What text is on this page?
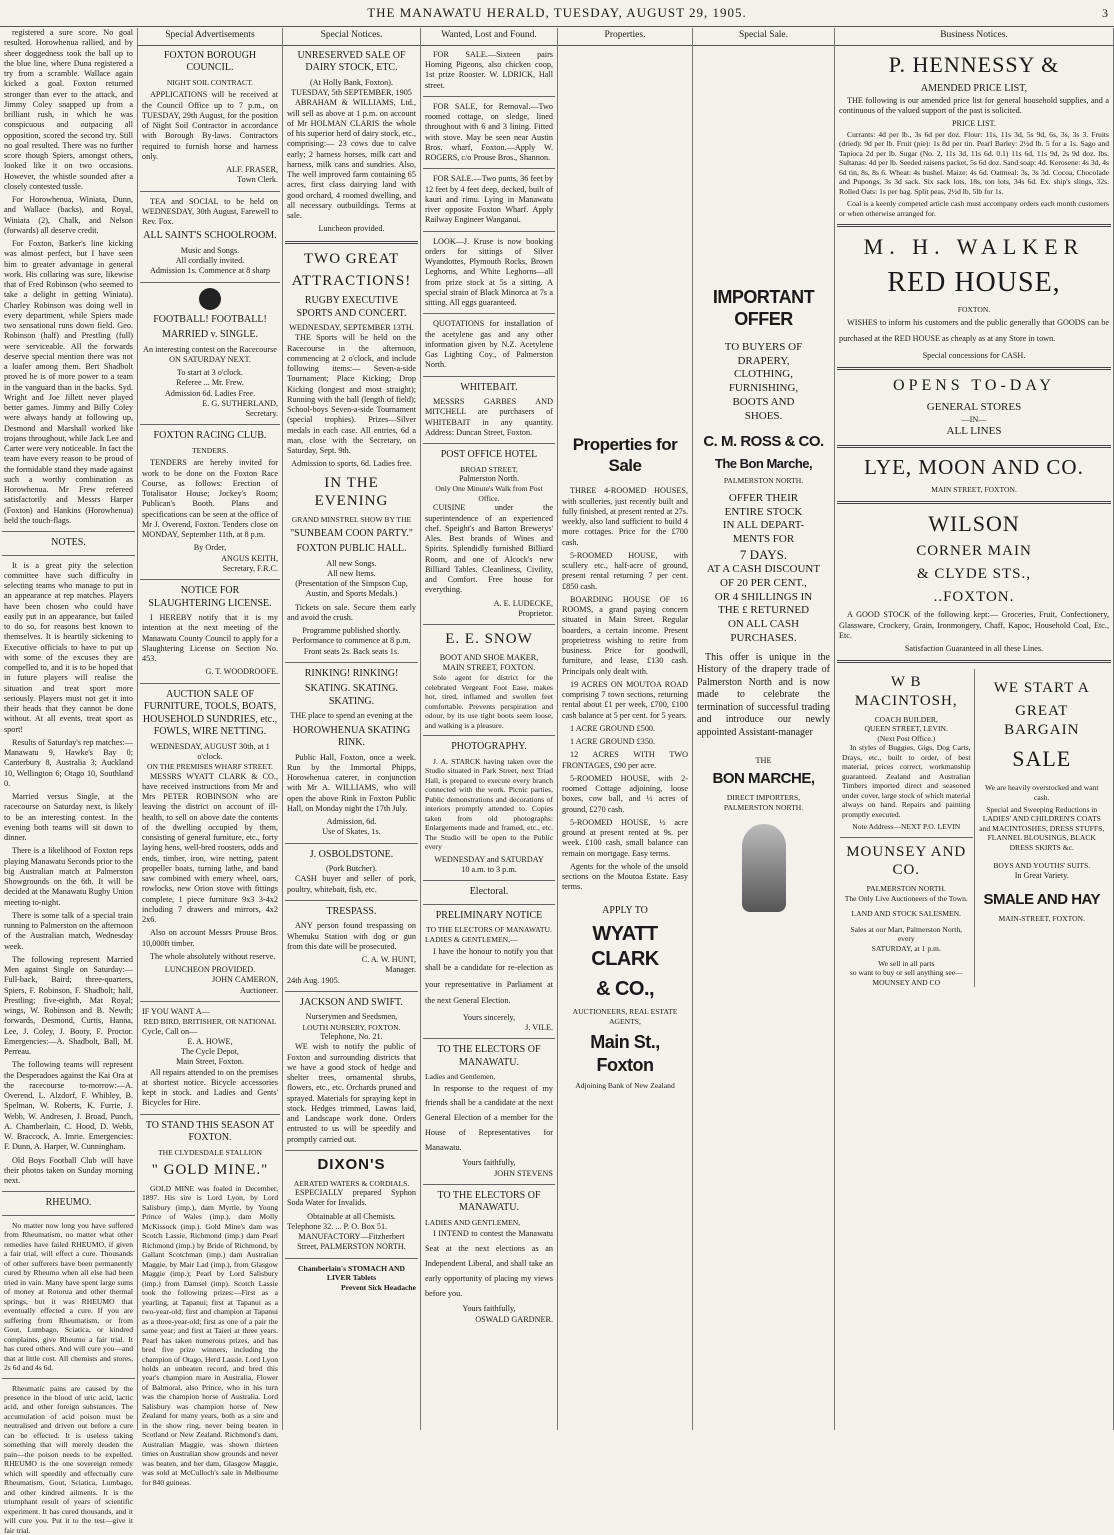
THE MANAWATU HERALD, TUESDAY, AUGUST 29, 1905.	3

registered a sure score. No goal resulted. Horowhenua rallied, and by sheer doggedness took the ball up to the blue line, where Duna registered a try from a scramble. Wallace again kicked a goal. Foxton returned stronger than ever to the attack, and Jimmy Coley snapped up from a brilliant rush, in which he was conspicuous and outpacing all opposition, scored the second try. Still no goal resulted. There was no further score though Spiers, amongst others, looked like it on two occasions. However, the whistle sounded after a closely contested tussle.

For Horowhenua, Winiata, Dunn, and Wallace (backs), and Royal, Winiata (2), Chalk, and Nelson (forwards) all deserve credit.

For Foxton, Barker's line kicking was almost perfect, but I have seen him to greater advantage in general work. His collaring was sure, likewise that of Fred Robinson (who seemed to take a delight in getting Winiata). Charley Robinson was doing well in every department, while Spiers made two sensational runs down field. Geo. Robinson (half) and Prestling (full) were serviceable. All the forwards deserve special mention there was not a loafer among them. Bert Shadbolt proved he is of more power to a team in the vanguard than in the backs. Syd. Wright and Joe Jillett never played better games. Jimmy and Billy Coley were always handy at following up, Desmond and Marshall worked like trojans throughout, while Jack Lee and Carter were very noticeable. In fact the team have every reason to be proud of the formidable stand they made against such a worthy combination as Horowhenua. Mr Frew refereed satisfactorily and Messrs Harper (Foxton) and Hankins (Horowhenua) held the touch-flags.

NOTES.

It is a great pity the selection committee have such difficulty in selecting teams who manage to put in an appearance at rep matches. Players have been chosen who could have easily put in an appearance, but failed to do so, for reasons best known to themselves. It is heartily sickening to Executive officials to have to put up with some of the excuses they are compelled to, and it is to be hoped that in future players will realise the situation and treat sport more seriously. Players must not get it into their heads that they cannot be done without. At all events, treat sport as sport!

Results of Saturday's rep matches:—Manawatu 9, Hawke's Bay 0; Canterbury 8, Australia 3; Auckland 10, Wellington 6; Otago 10, Southland 0.

Married versus Single, at the racecourse on Saturday next, is likely to be an interesting contest. In the evening both teams will sit down to dinner.

There is a likelihood of Foxton reps playing Manawatu Seconds prior to the big Australian match at Palmerston Showgrounds on the 6th. It will be decided at the Manawatu Rugby Union meeting to-night.

There is some talk of a special train running to Palmerston on the afternoon of the Australian match, Wednesday week.

The following represent Married Men against Single on Saturday:—Full-back, Baird; three-quarters, Spiers, F. Robinson, F. Shadbolt; half, Prestling; five-eighth, Mat Royal; wings, W. Robinson and B. Newth; forwards, Desmond, Curtis, Hanna, Lee, J. Coley, J. Booty, F. Proctor. Emergencies:—A. Shadbolt, Ball, M. Perreau.

The following teams will represent the Desperadoes against the Kai Ora at the racecourse to-morrow:—A. Overend, L. Alzdorf, F. Whibley, B. Spelman, W. Roberts, K. Furrie, J. Webb, W. Andresen, J. Broad, Punch, A. Chamberlain, C. Hood, D. Webb, W. Braccock, A. Imrie. Emergencies: F. Dunn, A. Harper, W. Cunningham.

Old Boys Football Club will have their photos taken on Sunday morning next.

RHEUMO.

No matter now long you have suffered from Rheumatism, no matter what other remedies have failed RHEUMO, if given a fair trial, will effect a cure. Thousands of other sufferers have been permanently cured by Rheumo when all else had been tried in vain. Many have spent large sums of money at Rotorua and other thermal springs, but it was RHEUMO that eventually effected a cure. If you are suffering from Rheumatism, or from Gout, Lumbago, Sciatica, or kindred complaints, give Rheumo a fair trial. It has cured others. And will cure you—and that at little cost. All chemists and stores, 2s 6d and 4s 6d.

Rheumatic pains are caused by the presence in the blood of uric acid, lactic acid, and other foreign substances. The accumulation of acid poison must be neutralised and driven out before a cure can be effected. It is useless taking something that will merely deaden the pain—the poison needs to be expelled. RHEUMO is the one sovereign remedy which will speedily and effectually cure Rheumatism, Gout, Sciatica, Lumbago, and other kindred ailments. It is the triumphant result of years of scientific experiment. It has cured thousands, and it will cure you. Put it to the test—give it fair trial.

Special Advertisements
FOXTON BOROUGH COUNCIL.
NIGHT SOIL CONTRACT.

APPLICATIONS will be received at the Council Office up to 7 p.m., on TUESDAY, 29th August, for the position of Night Soil Contractor in accordance with Borough By-laws. Contractors required to furnish horse and harness only.

ALF. FRASER,
Town Clerk.

TEA and SOCIAL to be held on WEDNESDAY, 30th August, Farewell to Rev. Fox.

ALL SAINT'S SCHOOLROOM.
Music and Songs.
All cordially invited.
Admission 1s. Commence at 8 sharp
FOOTBALL! FOOTBALL!
MARRIED v. SINGLE.

An interesting contest on the Racecourse ON SATURDAY NEXT.

To start at 3 o'clock.
Referee ... Mr. Frew.
Admission 6d. Ladies Free.
E. G. SUTHERLAND,
Secretary.
FOXTON RACING CLUB.
TENDERS.

TENDERS are hereby invited for work to be done on the Foxton Race Course, as follows: Erection of Totalisator House; Jockey's Room; Publican's Booth. Plans and specifications can be seen at the office of Mr J. Overend, Foxton. Tenders close on MONDAY, September 11th, at 8 p.m.

By Order,
ANGUS KEITH,
Secretary, F.R.C.
NOTICE FOR SLAUGHTERING LICENSE.

I HEREBY notify that it is my intention at the next meeting of the Manawatu County Council to apply for a Slaughtering License on Section No. 453.

G. T. WOODROOFE.
AUCTION SALE OF FURNITURE, TOOLS, BOATS, HOUSEHOLD SUNDRIES, etc., FOWLS, WIRE NETTING.
WEDNESDAY, AUGUST 30th, at 1 o'clock.
ON THE PREMISES WHARF STREET.

MESSRS WYATT CLARK & CO., have received instructions from Mr and Mrs PETER ROBINSON who are leaving the district on account of ill-health, to sell on above date the contents of the dwelling occupied by them, consisting of general furniture, etc., forty laying hens, well-bred roosters, odds and ends, timber, iron, wire netting, patent propeller boats, turning lathe, and band saw combined with emery wheel, oars, rowlocks, new Orion stove with fittings complete, 1 piece furniture 9x3 3-4x2 including 7 drawers and mirrors, 4x2 2x6.

Also on account Messrs Prouse Bros. 10,000ft timber.

The whole absolutely without reserve.

LUNCHEON PROVIDED.
JOHN CAMERON,
Auctioneer.
IF YOU WANT A—
RED BIRD, BRITISHER, OR NATIONAL
Cycle, Call on—
E. A. HOWE,
The Cycle Depot,
Main Street, Foxton.

All repairs attended to on the premises at shortest notice. Bicycle accessories kept in stock. and Ladies and Gents' Bicycles for Hire.

TO STAND THIS SEASON AT FOXTON.
THE CLYDESDALE STALLION
" GOLD MINE."

GOLD MINE was foaled in December, 1897. His sire is Lord Lyon, by Lord Salisbury (imp.), dam Myrtle, by Young Prince of Wales (imp.), dam Molly McKissock (imp.). Gold Mine's dam was Scotch Lassie, Richmond (imp.) dam Pearl Richmond (imp.) by Bride of Richmond, by Gallant Scotchman (imp.) dam Australian Maggie, by Mair Lad (imp.), from Glasgow Maggie (imp.); Pearl by Lord Salisbury (imp.) from Damsel (imp). Scotch Lassie took the following prizes:—First as a yearling, at Tapanui; first at Tapanui as a two-year-old; first and champion at Tapanui as a three-year-old; first as one of a pair the same year; and first at Taieri at three years. Pearl has taken numerous prizes, and has bred five prize winners, including the champion of Otago, Herd Lassie. Lord Lyon holds an unbeaten record, and bred this year's champion mare in Australia, Flower of Balmoral, also Prince, who in his turn was the champion horse of Australia. Lord Salisbury was champion horse of New Zealand for many years, both as a sire and in the show ring, never being beaten in Scotland or New Zealand. Richmond's dam, Australian Maggie, was shown thirteen times on Australian show grounds and never was beaten, and her dam, Glasgow Maggie, was sold at McCulloch's sale in Melbourne for 840 guineas.

Special Notices.
UNRESERVED SALE OF DAIRY STOCK, ETC.
(At Holly Bank, Foxton).
TUESDAY, 5th SEPTEMBER, 1905

ABRAHAM & WILLIAMS, Ltd., will sell as above at 1 p.m. on account of Mr HOLMAN CLARIS the whole of his superior herd of dairy stock, etc., comprising:— 23 cows due to calve early; 2 harness horses, milk cart and harness, milk cans and sundries. Also, The well improved farm containing 65 acres, first class dairying land with good orchard, 4 roomed dwelling, and all necessary outbuildings. Terms at sale.

Luncheon provided.
TWO GREAT
ATTRACTIONS!
RUGBY EXECUTIVE SPORTS AND CONCERT.
WEDNESDAY, SEPTEMBER 13TH.

THE Sports will be held on the Racecourse in the afternoon, commencing at 2 o'clock, and include following items:— Seven-a-side Tournament; Place Kicking; Drop Kicking (longest and most straight); Running with the ball (length of field); School-boys Seven-a-side Tournament (special trophies). Prizes—Silver medals in each case. All entries, 6d a man, close with the Secretary, on Saturday, Sept. 9th.

Admission to sports, 6d. Ladies free.
IN THE EVENING
GRAND MINSTREL SHOW BY THE
"SUNBEAM COON PARTY."
FOXTON PUBLIC HALL.
All new Songs.
All new Items.

(Presentation of the Simpson Cup, Austin, and Sports Medals.)

Tickets on sale. Secure them early and avoid the crush.

Programme published shortly.
Performance to commence at 8 p.m.
Front seats 2s. Back seats 1s.
RINKING! RINKING!
SKATING. SKATING. SKATING.

THE place to spend an evening at the

HOROWHENUA SKATING RINK.

Public Hall, Foxton, once a week. Run by the Immortal Phipps, Horowhenua caterer, in conjunction with Mr A. WILLIAMS, who will open the above Rink in Foxton Public Hall, on Monday night the 17th July.

Admission, 6d.
Use of Skates, 1s.
J. OSBOLDSTONE.
(Pork Butcher).

CASH buyer and seller of pork, poultry, whitebait, fish, etc.

TRESPASS.

ANY person found trespassing on Whenuku Station with dog or gun from this date will be prosecuted.

C. A. W. HUNT,
Manager.
24th Aug. 1905.
JACKSON AND SWIFT.
Nurserymen and Seedsmen,
LOUTH NURSERY, FOXTON.
Telephone, No. 21.

WE wish to notify the public of Foxton and surrounding districts that we have a good stock of hedge and shelter trees, ornamental shrubs, flowers, etc., etc. Orchards pruned and sprayed. Materials for spraying kept in stock. Hedges trimmed, Lawns laid, and Landscape work done. Orders entrusted to us will be speedily and promptly carried out.

DIXON'S
AERATED WATERS & CORDIALS.

ESPECIALLY prepared Syphon Soda Water for Invalids.

Obtainable at all Chemists.
Telephone 32. ... P. O. Box 51.

MANUFACTORY—Fitzherbert Street, PALMERSTON NORTH.

Chamberlain's STOMACH AND LIVER Tablets
Prevent Sick Headache
Wanted, Lost and Found.

FOR SALE.—Sixteen pairs Homing Pigeons, also chicken coop, 1st prize Rooster. W. LDRICK, Hall street.

FOR SALE, for Removal.—Two roomed cottage, on sledge, lined throughout with 6 and 3 lining. Fitted with stove. May be seen near Austin Bros. wharf, Foxton.—Apply W. ROGERS, c/o Prouse Bros., Shannon.

FOR SALE.—Two punts, 36 feet by 12 feet by 4 feet deep, decked, built of kauri and rimu. Lying in Manawatu river opposite Foxton Wharf. Apply Railway Engineer Wanganui.

LOOK—J. Kruse is now booking orders for sittings of Silver Wyandottes, Plymouth Rocks, Brown Leghorns, and White Leghorns—all from prize stock at 5s a sitting. A special strain of Black Minorca at 7s a sitting. All eggs guaranteed.

QUOTATIONS for installation of the acetylene gas and any other information given by N.Z. Acetylene Gas Lighting Coy., of Palmerston North.

WHITEBAIT.

MESSRS GARBES AND MITCHELL are purchasers of WHITEBAIT in any quantity. Address: Duncan Street, Foxton.

POST OFFICE HOTEL
BROAD STREET,
Palmerston North.
Only One Minute's Walk from Post Office.

CUISINE under the superintendence of an experienced chef. Speight's and Barton Brewerys' Ales. Best brands of Wines and Spirits. Splendidly furnished Billiard Room, and one of Alcock's new Billiard Tables. Cleanliness, Civility, and Comfort. Free house for everything.

A. E. LUDECKE,
Proprietor.
E. E. SNOW
BOOT AND SHOE MAKER,
MAIN STREET, FOXTON.

Sole agent for district for the celebrated Vergeant Foot Ease, makes hot, tired, inflamed and swollen feet comfortable. Prevents perspiration and odour, by its use tight boots seem loose, and walking is a pleasure.

PHOTOGRAPHY.

J. A. STARCK having taken over the Studio situated in Park Street, next Triad Hall, is prepared to execute every branch connected with the work. Picnic parties, Public demonstrations and decorations of interiors promptly attended to. Copies taken from old photographs: Enlargements made and framed, etc., etc. The Studio will be open to the Public every

WEDNESDAY and SATURDAY
10 a.m. to 3 p.m.
Electoral.
PRELIMINARY NOTICE
TO THE ELECTORS OF MANAWATU.
LADIES & GENTLEMEN,—

I have the honour to notify you that shall be a candidate for re-election as your representative in Parliament at the next General Election.

Yours sincerely,
J. VILE.
TO THE ELECTORS OF MANAWATU.
Ladies and Gentlemen,

In response to the request of my friends shall be a candidate at the next General Election of a member for the House of Representatives for Manawatu.

Yours faithfully,
JOHN STEVENS
TO THE ELECTORS OF MANAWATU.
LADIES AND GENTLEMEN,

I INTEND to contest the Manawatu Seat at the next elections as an Independent Liberal, and shall take an early opportunity of placing my views before you.

Yours faithfully,
OSWALD GARDNER.
Properties.
Properties for Sale

THREE 4-ROOMED HOUSES, with sculleries, just recently built and fully finished, at present rented at 27s. weekly, also land sufficient to build 4 more cottages. Price for the £700 cash.

5-ROOMED HOUSE, with scullery etc., half-acre of ground, present rental returning 7 per cent. £850 cash.

BOARDING HOUSE OF 16 ROOMS, a grand paying concern situated in Main Street. Regular boarders, a certain income. Present proprietress wishing to retire from business. Price for goodwill, furniture, and lease, £130 cash. Principals only dealt with.

19 ACRES ON MOUTOA ROAD comprising 7 town sections, returning rental about £1 per week, £700, £100 cash balance at 5 per cent. for 5 years.

1 ACRE GROUND £500.

1 ACRE GROUND £350.

12 ACRES WITH TWO FRONTAGES, £90 per acre.

5-ROOMED HOUSE, with 2-roomed Cottage adjoining, loose boxes, cow ball, and ½ acres of ground, £270 cash.

5-ROOMED HOUSE, ½ acre ground at present rented at 9s. per week. £100 cash, small balance can remain on mortgage. Easy terms.

Agents for the whole of the unsold sections on the Moutoa Estate. Easy terms.

APPLY TO
WYATT CLARK
& CO.,
AUCTIONEERS, REAL ESTATE AGENTS,
Main St., Foxton
Adjoining Bank of New Zealand
Special Sale.
IMPORTANT OFFER
TO BUYERS OF
DRAPERY,
CLOTHING,
FURNISHING,
BOOTS AND
SHOES.
C. M. ROSS & CO.
The Bon Marche,
PALMERSTON NORTH.
OFFER THEIR
ENTIRE STOCK
IN ALL DEPART-
MENTS FOR
7 DAYS.
AT A CASH DISCOUNT
OF 20 PER CENT.,
OR 4 SHILLINGS IN
THE £ RETURNED
ON ALL CASH
PURCHASES.

This offer is unique in the History of the drapery trade of Palmerston North and is now made to celebrate the termination of successful trading and introduce our newly appointed Assistant-manager

THE
BON MARCHE,
DIRECT IMPORTERS,
PALMERSTON NORTH.
Business Notices.
P. HENNESSY &
AMENDED PRICE LIST,

THE following is our amended price list for general household supplies, and a continuous of the valued support of the past is solicited.

PRICE LIST.

Currants: 4d per lb., 3s 6d per doz. Flour: 11s, 11s 3d, 5s 9d, 6s, 3s, 3s 3. Fruits (dried): 9d per lb. Fruit (pie): 1s 8d per tin. Pearl Barley: 2½d lb. 5 for a 1s. Sago and Tapioca 2d per lb. Sugar (No. 2, 11s 3d, 11s 6d. 0.1) 11s 6d, 11s 9d, 2s 9d doz. lbs. Sultanas: 4d per lb. Seeded raisens packet, 5s 6d doz. Sand soap: 4d. Kerosene: 4s 3d, 4s 6d tin, 8s, 8s 6. Wheat: 4s bushel. Maize: 4s 6d. Oatmeal: 3s, 3s 3d. Cocoa, Chocolade and Pupongs, 3s 3d sack. Six sack lots, 18s, ton lots, 34s 6d. Ex. ship's slings, 32s. Rolled Oats: 1s per bag. Split peas, 2½d lb, 5lb for 1s.

Coal is a keenly competed article cash must accompany orders each month customers or when otherwise arranged for.

M. H. WALKER
RED HOUSE,
FOXTON.

WISHES to inform his customers and the public generally that GOODS can be purchased at the RED HOUSE as cheaply as at any Store in town.

Special concessions for CASH.
OPENS TO-DAY
GENERAL STORES
—IN—
ALL LINES
LYE, MOON AND CO.
MAIN STREET, FOXTON.
WILSON
CORNER MAIN
& CLYDE STS.,
..FOXTON.

A GOOD STOCK of the following kept:— Groceries, Fruit, Confectionery, Glassware, Crockery, Grain, Ironmongery, Chaff, Kapoc, Household Coal, Etc., Etc.

Satisfaction Guaranteed in all these Lines.
W B MACINTOSH,
COACH BUILDER,
QUEEN STREET, LEVIN.
(Next Post Office.)

In styles of Buggies, Gigs, Dog Carts, Drays, etc., built to order, of best material, prices correct, workmanship guaranteed. Zealand and Australian Timbers imported direct and seasoned under cover, large stock of which material always on hand. Repairs and painting promptly executed.

Note Address—NEXT P.O. LEVIN
MOUNSEY AND CO.
PALMERSTON NORTH.
The Only Live Auctioneers of the Town.
LAND AND STOCK SALESMEN.
Sales at our Mart, Palmerston North, every
SATURDAY, at 1 p.m.
We sell in all parts
so want to buy or sell anything see—
MOUNSEY AND CO
WE START A
GREAT BARGAIN
SALE

We are heavily overstocked and want cash.

Special and Sweeping Reductions in LADIES' AND CHILDREN'S COATS and MACINTOSHES, DRESS STUFFS, FLANNEL BLOUSINGS, BLACK DRESS SKIRTS &c.

BOYS AND YOUTHS' SUITS.
In Great Variety.
SMALE AND HAY
MAIN-STREET, FOXTON.
